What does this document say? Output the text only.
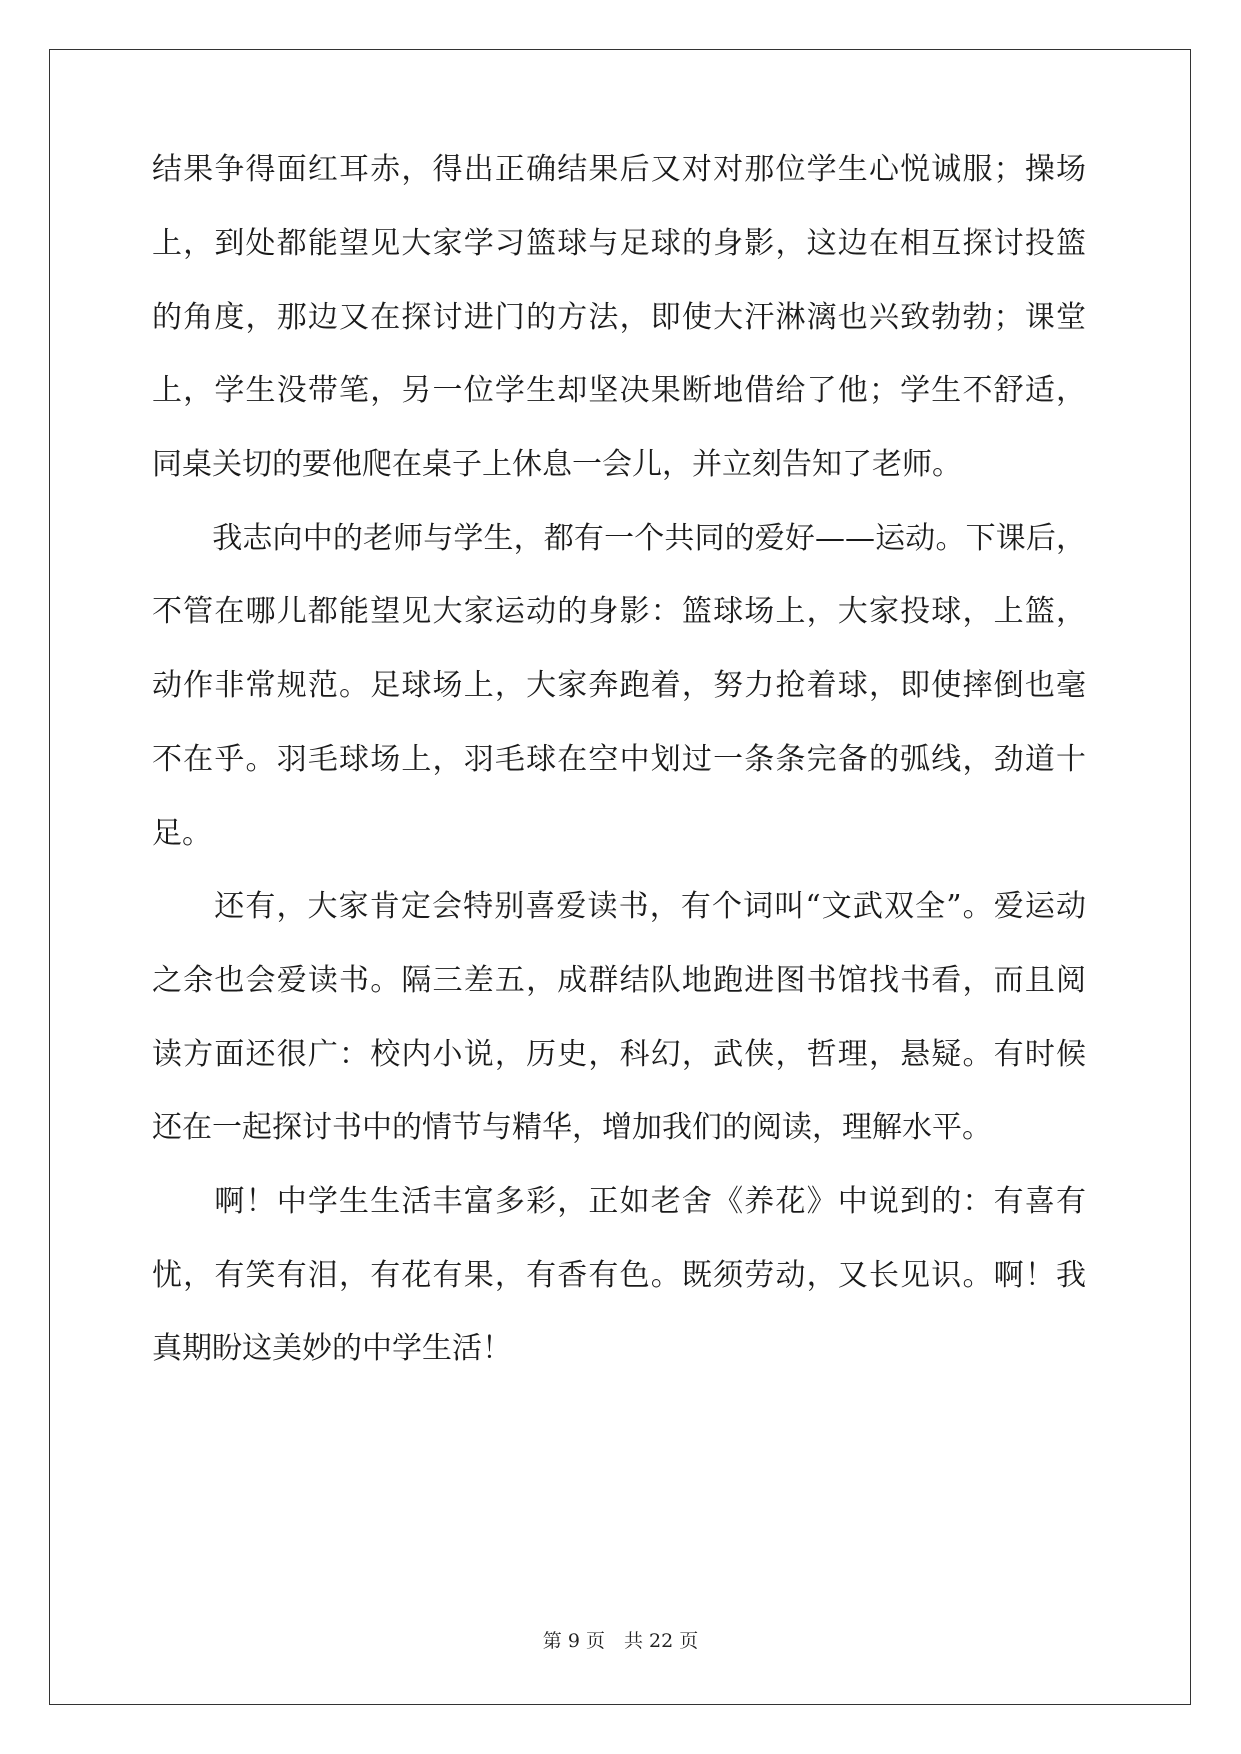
结果争得面红耳赤，得出正确结果后又对对那位学生心悦诚服；操场
上，到处都能望见大家学习篮球与足球的身影，这边在相互探讨投篮
的角度，那边又在探讨进门的方法，即使大汗淋漓也兴致勃勃；课堂
上，学生没带笔，另一位学生却坚决果断地借给了他；学生不舒适，
同桌关切的要他爬在桌子上休息一会儿，并立刻告知了老师。
　　我志向中的老师与学生，都有一个共同的爱好——运动。下课后，
不管在哪儿都能望见大家运动的身影：篮球场上，大家投球，上篮，
动作非常规范。足球场上，大家奔跑着，努力抢着球，即使摔倒也毫
不在乎。羽毛球场上，羽毛球在空中划过一条条完备的弧线，劲道十
足。
　　还有，大家肯定会特别喜爱读书，有个词叫“文武双全”。爱运动
之余也会爱读书。隔三差五，成群结队地跑进图书馆找书看，而且阅
读方面还很广：校内小说，历史，科幻，武侠，哲理，悬疑。有时候
还在一起探讨书中的情节与精华，增加我们的阅读，理解水平。
　　啊！中学生生活丰富多彩，正如老舍《养花》中说到的：有喜有
忧，有笑有泪，有花有果，有香有色。既须劳动，又长见识。啊！我
真期盼这美妙的中学生活！
第 9 页　共 22 页
